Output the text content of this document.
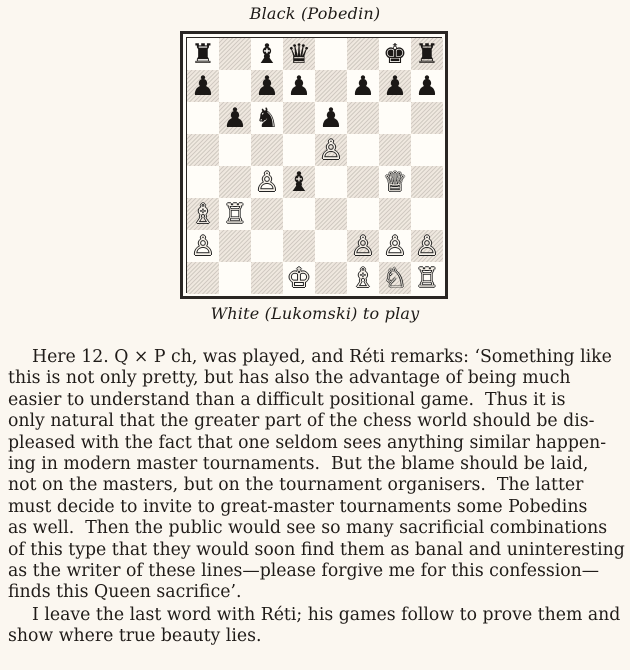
Black (Pobedin)
♜ ♝ ♛	♚ ♜
♟ ♟ ♟ ♟ ♟ ♟
♟ ♞ ♟
♙
♙ ♝	♕
♗ ♖
♙	♙ ♙ ♙
♔ ♗ ♘ ♖
White (Lukomski) to play

Here 12. Q × P ch, was played, and Réti remarks: ‘Something like
this is not only pretty, but has also the advantage of being much
easier to understand than a difficult positional game.  Thus it is
only natural that the greater part of the chess world should be dis-
pleased with the fact that one seldom sees anything similar happen-
ing in modern master tournaments.  But the blame should be laid,
not on the masters, but on the tournament organisers.  The latter
must decide to invite to great-master tournaments some Pobedins
as well.  Then the public would see so many sacrificial combinations
of this type that they would soon find them as banal and uninteresting
as the writer of these lines—please forgive me for this confession—
finds this Queen sacrifice’.

I leave the last word with Réti; his games follow to prove them and
show where true beauty lies.
